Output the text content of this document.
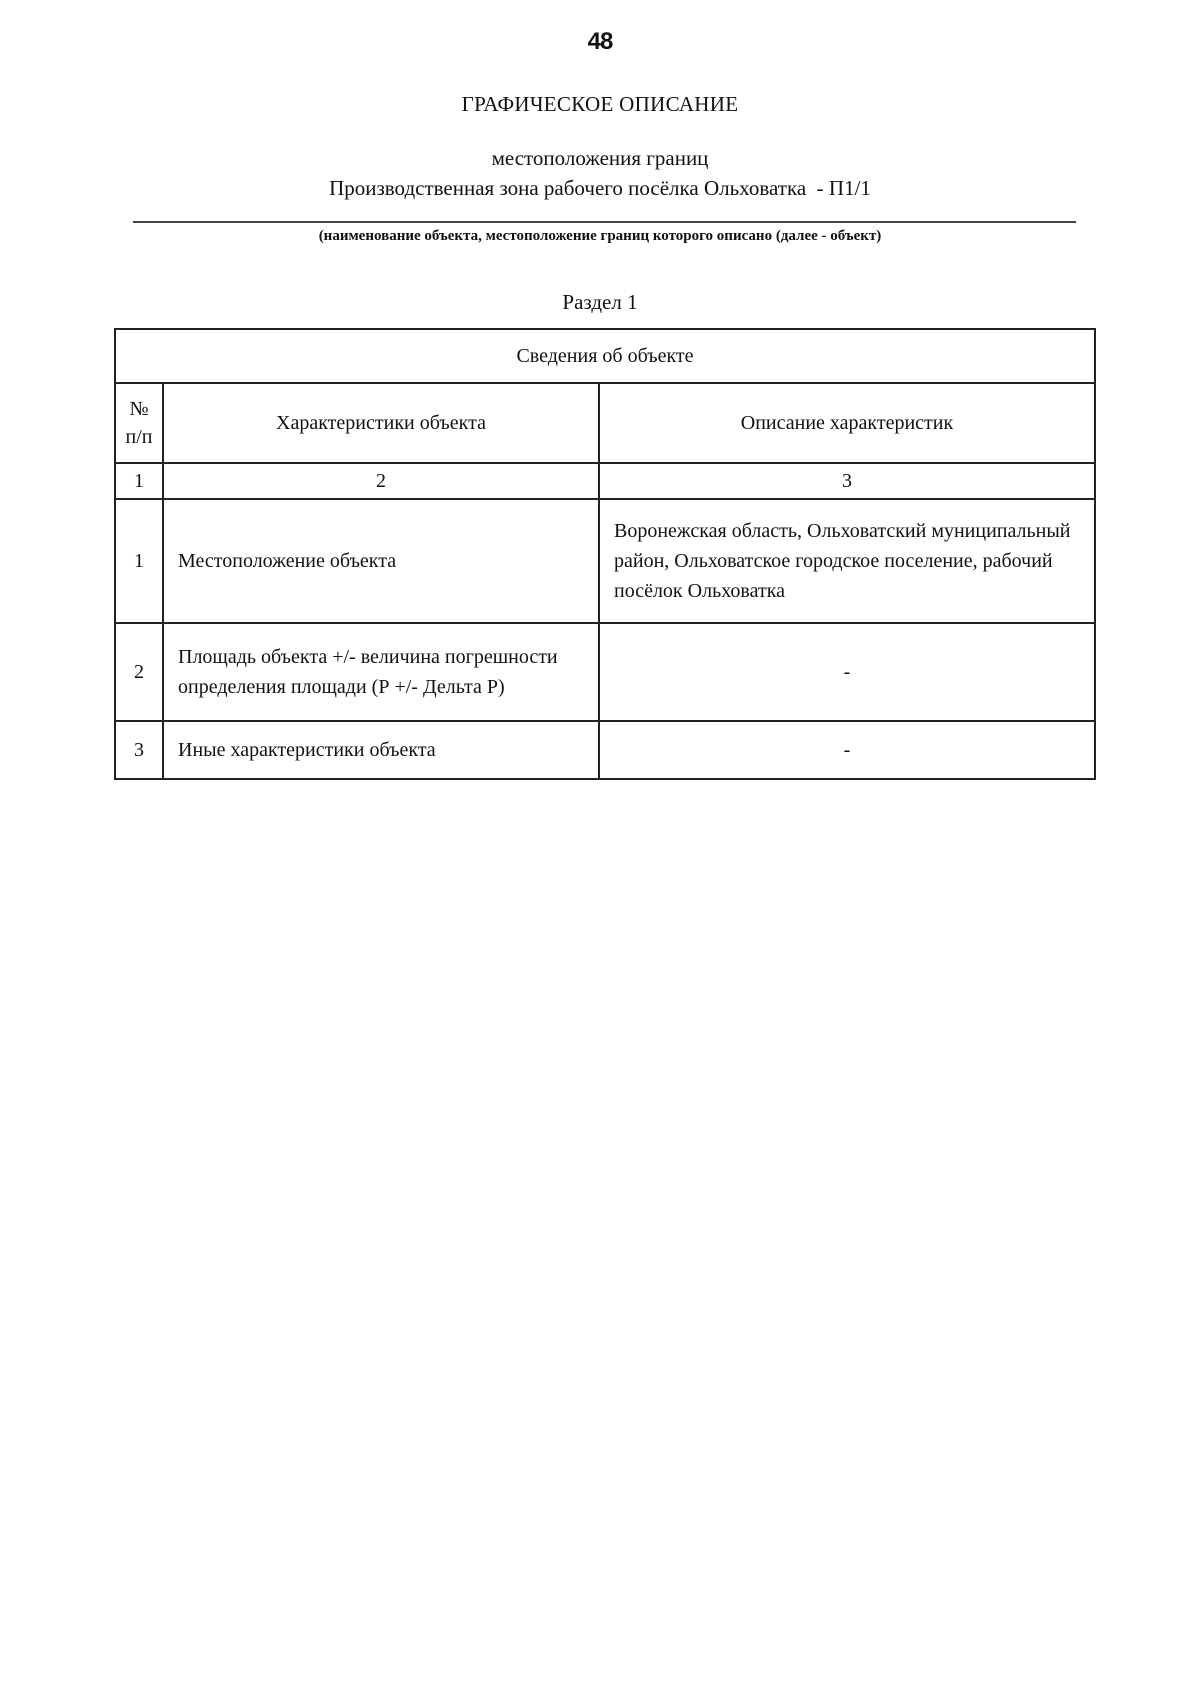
48
ГРАФИЧЕСКОЕ ОПИСАНИЕ
местоположения границ
Производственная зона рабочего посёлка Ольховатка  - П1/1
(наименование объекта, местоположение границ которого описано (далее - объект)
Раздел 1
Сведения об объекте		
№ п/п	Характеристики объекта	Описание характеристик
1	2	3
1	Местоположение объекта	Воронежская область, Ольховатский муниципальный район, Ольховатское городское поселение, рабочий посёлок Ольховатка
2	Площадь объекта +/- величина погрешности определения площади (Р +/- Дельта Р)	-
3	Иные характеристики объекта	-
